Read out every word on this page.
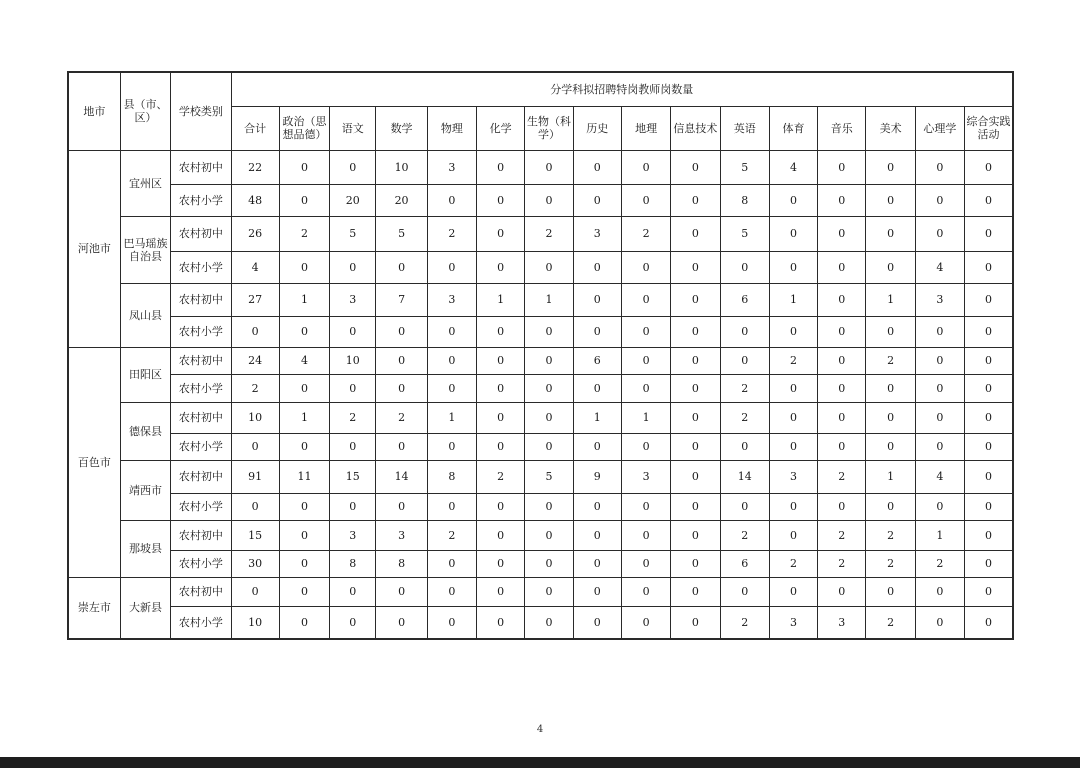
地市	县（市、区）	学校类别	分学科拟招聘特岗教师岗数量															
			合计	政治（思想品德）	语文	数学	物理	化学	生物（科学）	历史	地理	信息技术	英语	体育	音乐	美术	心理学	综合实践活动
河池市	宜州区	农村初中	22	0	0	10	3	0	0	0	0	0	5	4	0	0	0	0
		农村小学	48	0	20	20	0	0	0	0	0	0	8	0	0	0	0	0
	巴马瑶族自治县	农村初中	26	2	5	5	2	0	2	3	2	0	5	0	0	0	0	0
		农村小学	4	0	0	0	0	0	0	0	0	0	0	0	0	0	4	0
	凤山县	农村初中	27	1	3	7	3	1	1	0	0	0	6	1	0	1	3	0
		农村小学	0	0	0	0	0	0	0	0	0	0	0	0	0	0	0	0
百色市	田阳区	农村初中	24	4	10	0	0	0	0	6	0	0	0	2	0	2	0	0
		农村小学	2	0	0	0	0	0	0	0	0	0	2	0	0	0	0	0
	德保县	农村初中	10	1	2	2	1	0	0	1	1	0	2	0	0	0	0	0
		农村小学	0	0	0	0	0	0	0	0	0	0	0	0	0	0	0	0
	靖西市	农村初中	91	11	15	14	8	2	5	9	3	0	14	3	2	1	4	0
		农村小学	0	0	0	0	0	0	0	0	0	0	0	0	0	0	0	0
	那坡县	农村初中	15	0	3	3	2	0	0	0	0	0	2	0	2	2	1	0
		农村小学	30	0	8	8	0	0	0	0	0	0	6	2	2	2	2	0
崇左市	大新县	农村初中	0	0	0	0	0	0	0	0	0	0	0	0	0	0	0	0
		农村小学	10	0	0	0	0	0	0	0	0	0	2	3	3	2	0	0
4
